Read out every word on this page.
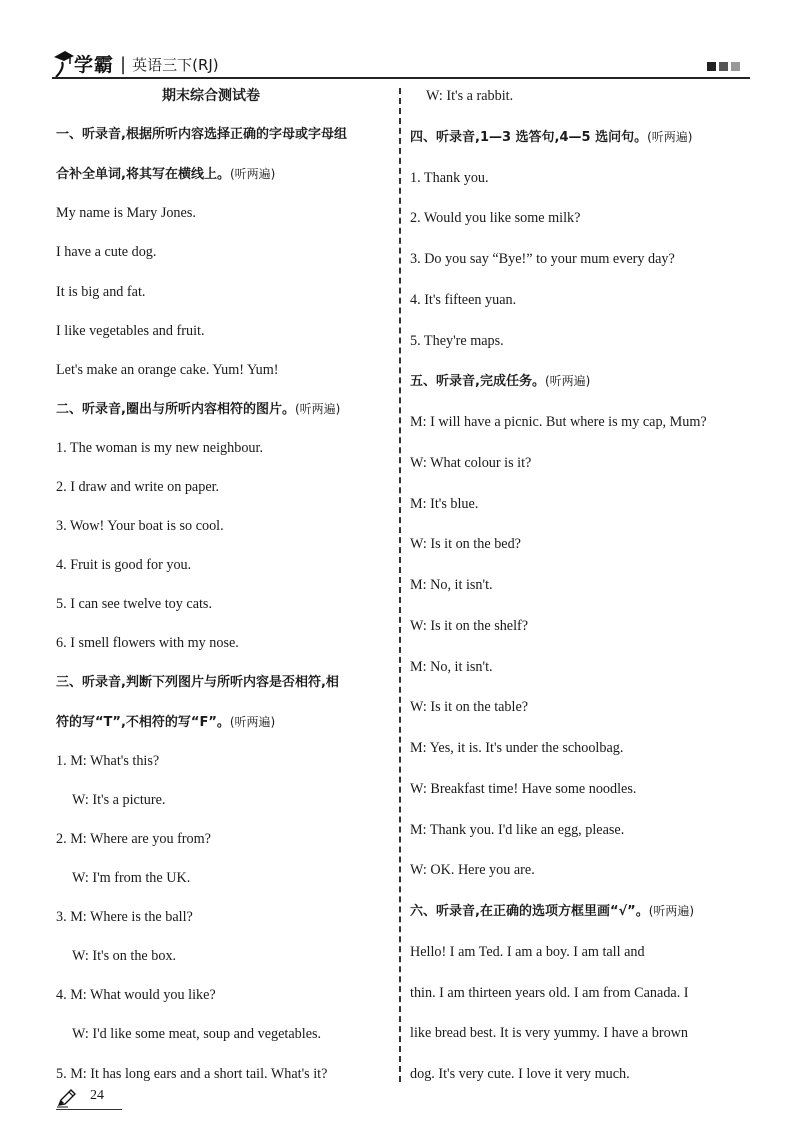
学霸 | 英语三下(RJ)
期末综合测试卷
一、听录音,根据所听内容选择正确的字母或字母组
合补全单词,将其写在横线上。(听两遍)
My name is Mary Jones.
I have a cute dog.
It is big and fat.
I like vegetables and fruit.
Let's make an orange cake. Yum! Yum!
二、听录音,圈出与所听内容相符的图片。(听两遍)
1. The woman is my new neighbour.
2. I draw and write on paper.
3. Wow! Your boat is so cool.
4. Fruit is good for you.
5. I can see twelve toy cats.
6. I smell flowers with my nose.
三、听录音,判断下列图片与所听内容是否相符,相
符的写“T”,不相符的写“F”。(听两遍)
1. M: What's this?
W: It's a picture.
2. M: Where are you from?
W: I'm from the UK.
3. M: Where is the ball?
W: It's on the box.
4. M: What would you like?
W: I'd like some meat, soup and vegetables.
5. M: It has long ears and a short tail. What's it?
W: It's a rabbit.
四、听录音,1—3 选答句,4—5 选问句。(听两遍)
1. Thank you.
2. Would you like some milk?
3. Do you say “Bye!” to your mum every day?
4. It's fifteen yuan.
5. They're maps.
五、听录音,完成任务。(听两遍)
M: I will have a picnic. But where is my cap, Mum?
W: What colour is it?
M: It's blue.
W: Is it on the bed?
M: No, it isn't.
W: Is it on the shelf?
M: No, it isn't.
W: Is it on the table?
M: Yes, it is. It's under the schoolbag.
W: Breakfast time! Have some noodles.
M: Thank you. I'd like an egg, please.
W: OK. Here you are.
六、听录音,在正确的选项方框里画“√”。(听两遍)
Hello! I am Ted. I am a boy. I am tall and
thin. I am thirteen years old. I am from Canada. I
like bread best. It is very yummy. I have a brown
dog. It's very cute. I love it very much.
24
